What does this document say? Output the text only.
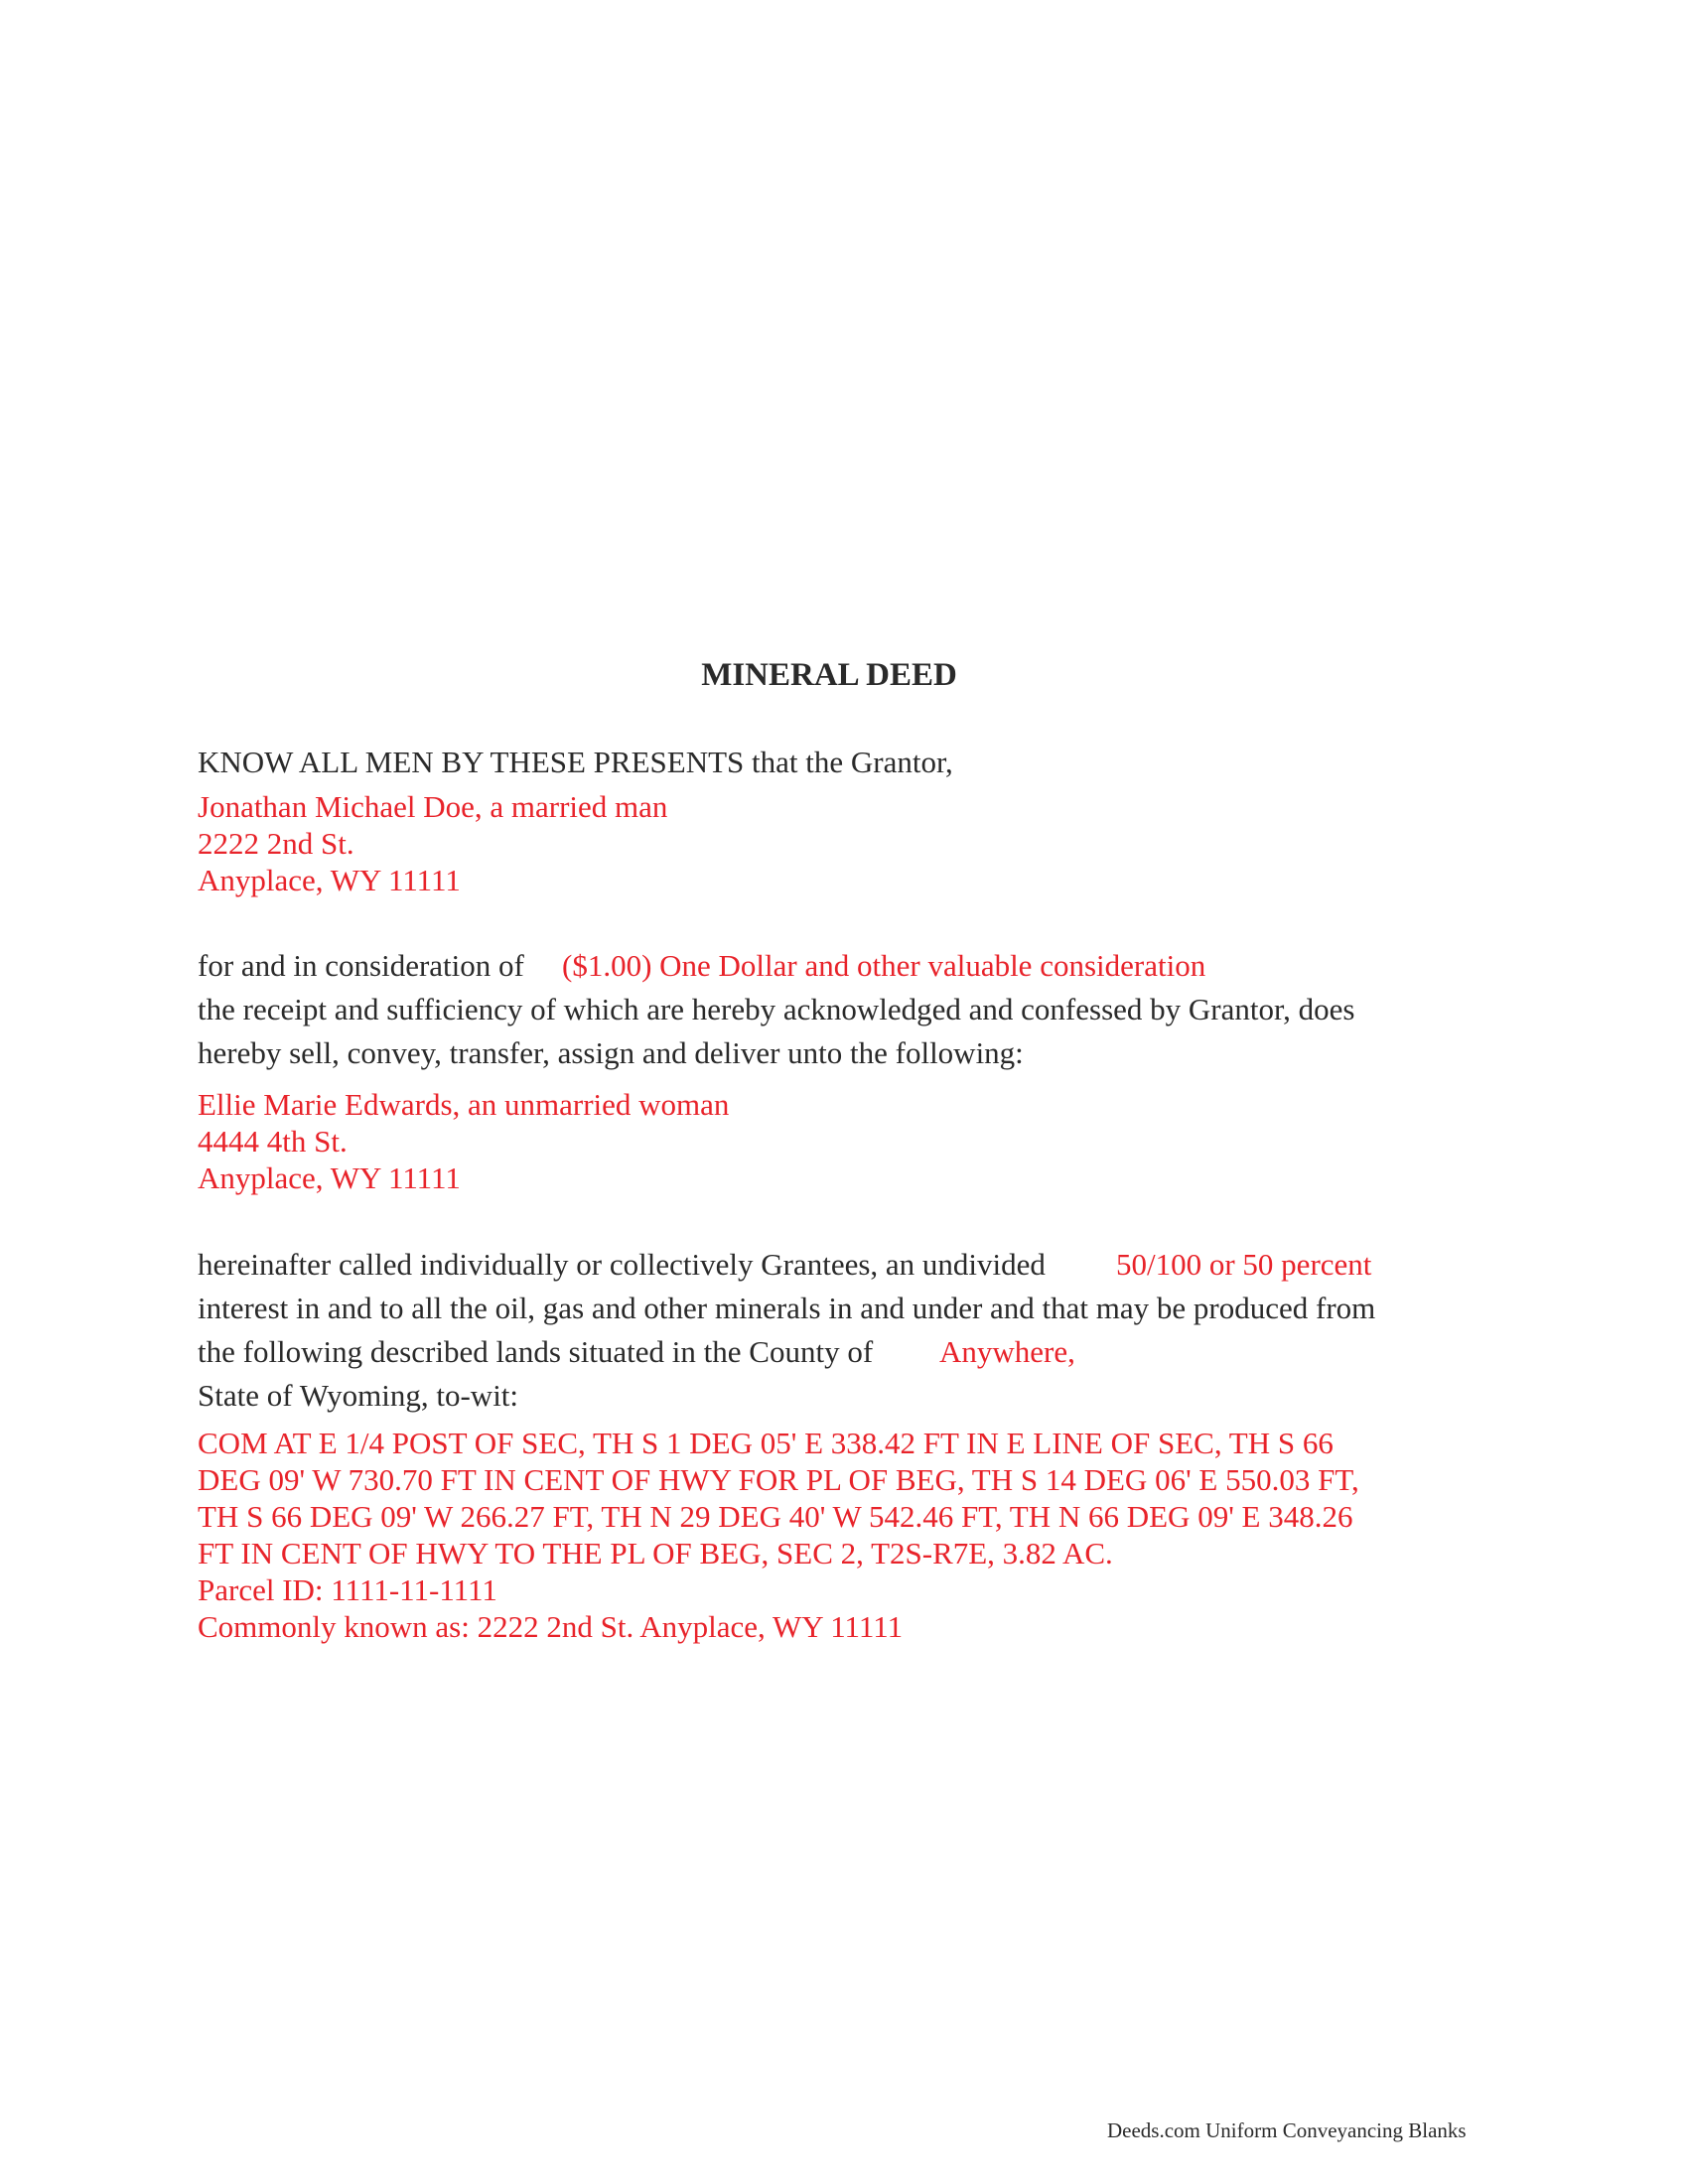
MINERAL DEED
KNOW ALL MEN BY THESE PRESENTS that the Grantor,
Jonathan Michael Doe, a married man
2222 2nd St.
Anyplace, WY 11111
for and in consideration of ($1.00) One Dollar and other valuable consideration
the receipt and sufficiency of which are hereby acknowledged and confessed by Grantor, does
hereby sell, convey, transfer, assign and deliver unto the following:
Ellie Marie Edwards, an unmarried woman
4444 4th St.
Anyplace, WY 11111
hereinafter called individually or collectively Grantees, an undivided 50/100 or 50 percent
interest in and to all the oil, gas and other minerals in and under and that may be produced from
the following described lands situated in the County of Anywhere,
State of Wyoming, to-wit:
COM AT E 1/4 POST OF SEC, TH S 1 DEG 05' E 338.42 FT IN E LINE OF SEC, TH S 66
DEG 09' W 730.70 FT IN CENT OF HWY FOR PL OF BEG, TH S 14 DEG 06' E 550.03 FT,
TH S 66 DEG 09' W 266.27 FT, TH N 29 DEG 40' W 542.46 FT, TH N 66 DEG 09' E 348.26
FT IN CENT OF HWY TO THE PL OF BEG, SEC 2, T2S-R7E, 3.82 AC.
Parcel ID: 1111-11-1111
Commonly known as: 2222 2nd St. Anyplace, WY 11111
Deeds.com Uniform Conveyancing Blanks
